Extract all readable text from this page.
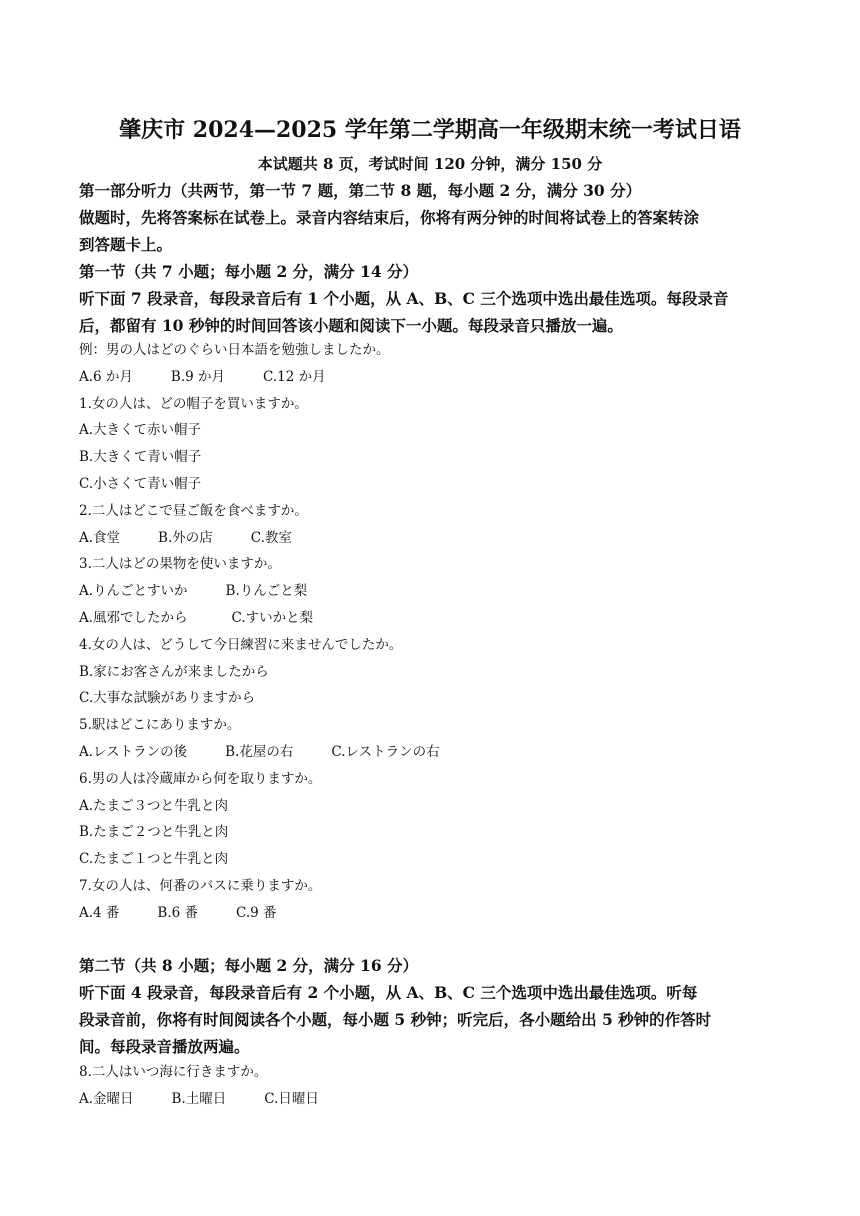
肇庆市 2024—2025 学年第二学期高一年级期末统一考试日语
本试题共 8 页，考试时间 120 分钟，满分 150 分
第一部分听力（共两节，第一节 7 题，第二节 8 题，每小题 2 分，满分 30 分）
做题时，先将答案标在试卷上。录音内容结束后，你将有两分钟的时间将试卷上的答案转涂
到答题卡上。
第一节（共 7 小题；每小题 2 分，满分 14 分）
听下面 7 段录音，每段录音后有 1 个小题，从 A、B、C 三个选项中选出最佳选项。每段录音
后，都留有 10 秒钟的时间回答该小题和阅读下一小题。每段录音只播放一遍。
例：男の人はどのぐらい日本語を勉強しましたか。
A.6 か月	B.9 か月	C.12 か月
1.女の人は、どの帽子を買いますか。
A.大きくて赤い帽子
B.大きくて青い帽子
C.小さくて青い帽子
2.二人はどこで昼ご飯を食べますか。
A.食堂	B.外の店	C.教室
3.二人はどの果物を使いますか。
A.りんごとすいか	B.りんごと梨
A.風邪でしたから	C.すいかと梨
4.女の人は、どうして今日練習に来ませんでしたか。
B.家にお客さんが来ましたから
C.大事な試験がありますから
5.駅はどこにありますか。
A.レストランの後	B.花屋の右	C.レストランの右
6.男の人は冷蔵庫から何を取りますか。
A.たまご３つと牛乳と肉
B.たまご２つと牛乳と肉
C.たまご１つと牛乳と肉
7.女の人は、何番のバスに乗りますか。
A.4 番	B.6 番	C.9 番
第二节（共 8 小题；每小题 2 分，满分 16 分）
听下面 4 段录音，每段录音后有 2 个小题，从 A、B、C 三个选项中选出最佳选项。听每
段录音前，你将有时间阅读各个小题，每小题 5 秒钟；听完后，各小题给出 5 秒钟的作答时
间。每段录音播放两遍。
8.二人はいつ海に行きますか。
A.金曜日	B.土曜日	C.日曜日
